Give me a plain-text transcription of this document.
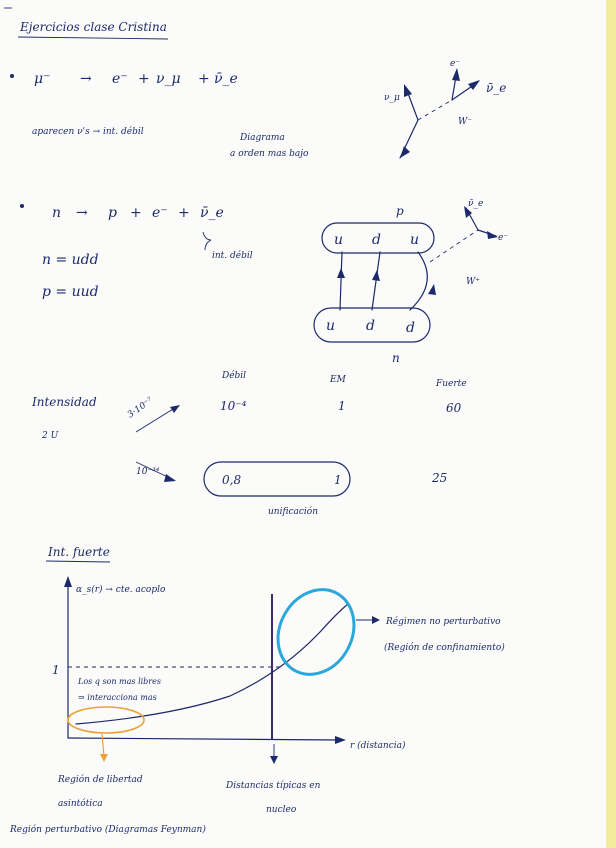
Ejercicios clase Cristina
μ⁻ → e⁻ + ν_μ + ν̄_e
aparecen ν's → int. débil
Diagrama
a orden mas bajo
ν_μ
e⁻
ν̄_e
W⁻
n → p + e⁻ + ν̄_e
int. débil
n = udd
p = uud
p
u d u
u d d
ν̄_e
e⁻
W⁺
n
Débil	EM	Fuerte
Intensidad	10⁻⁴	1	60
2 U
3·10⁻⁷
10⁻³⁴
0,8	1	25
unificación
Int. fuerte
α_s(r) → cte. acoplo
r (distancia)
1
Los q son mas libres
⇒ interacciona mas
Régimen no perturbativo
(Región de confinamiento)
Región de libertad
asintótica
Distancias típicas en
nucleo
Región perturbativo (Diagramas Feynman)
